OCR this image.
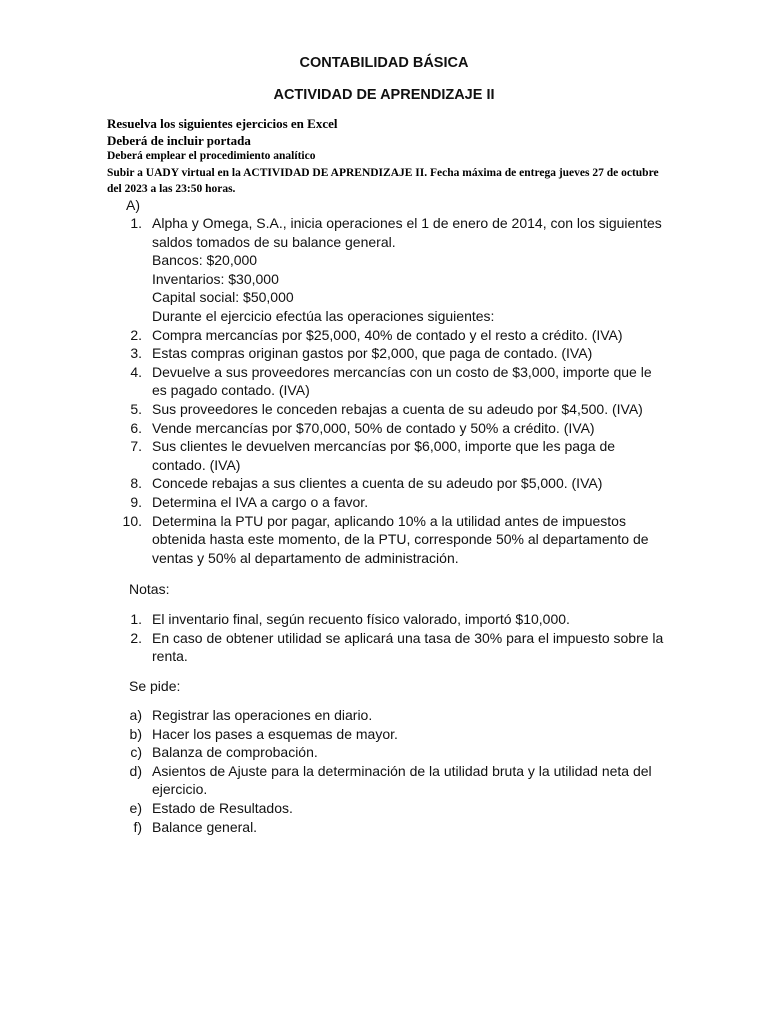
CONTABILIDAD BÁSICA
ACTIVIDAD DE APRENDIZAJE II
Resuelva los siguientes ejercicios en Excel
Deberá de incluir portada
Deberá emplear el procedimiento analítico
Subir a UADY virtual en la ACTIVIDAD DE APRENDIZAJE II. Fecha máxima de entrega jueves 27 de octubre del 2023 a las 23:50 horas.
A)
1. Alpha y Omega, S.A., inicia operaciones el 1 de enero de 2014, con los siguientes
saldos tomados de su balance general.
Bancos: $20,000
Inventarios: $30,000
Capital social: $50,000
Durante el ejercicio efectúa las operaciones siguientes:
2. Compra mercancías por $25,000, 40% de contado y el resto a crédito. (IVA)
3. Estas compras originan gastos por $2,000, que paga de contado. (IVA)
4. Devuelve a sus proveedores mercancías con un costo de $3,000, importe que le
es pagado contado. (IVA)
5. Sus proveedores le conceden rebajas a cuenta de su adeudo por $4,500. (IVA)
6. Vende mercancías por $70,000, 50% de contado y 50% a crédito. (IVA)
7. Sus clientes le devuelven mercancías por $6,000, importe que les paga de
contado. (IVA)
8. Concede rebajas a sus clientes a cuenta de su adeudo por $5,000. (IVA)
9. Determina el IVA a cargo o a favor.
10. Determina la PTU por pagar, aplicando 10% a la utilidad antes de impuestos
obtenida hasta este momento, de la PTU, corresponde 50% al departamento de
ventas y 50% al departamento de administración.
Notas:
1. El inventario final, según recuento físico valorado, importó $10,000.
2. En caso de obtener utilidad se aplicará una tasa de 30% para el impuesto sobre la
renta.
Se pide:
a) Registrar las operaciones en diario.
b) Hacer los pases a esquemas de mayor.
c) Balanza de comprobación.
d) Asientos de Ajuste para la determinación de la utilidad bruta y la utilidad neta del
ejercicio.
e) Estado de Resultados.
f) Balance general.
